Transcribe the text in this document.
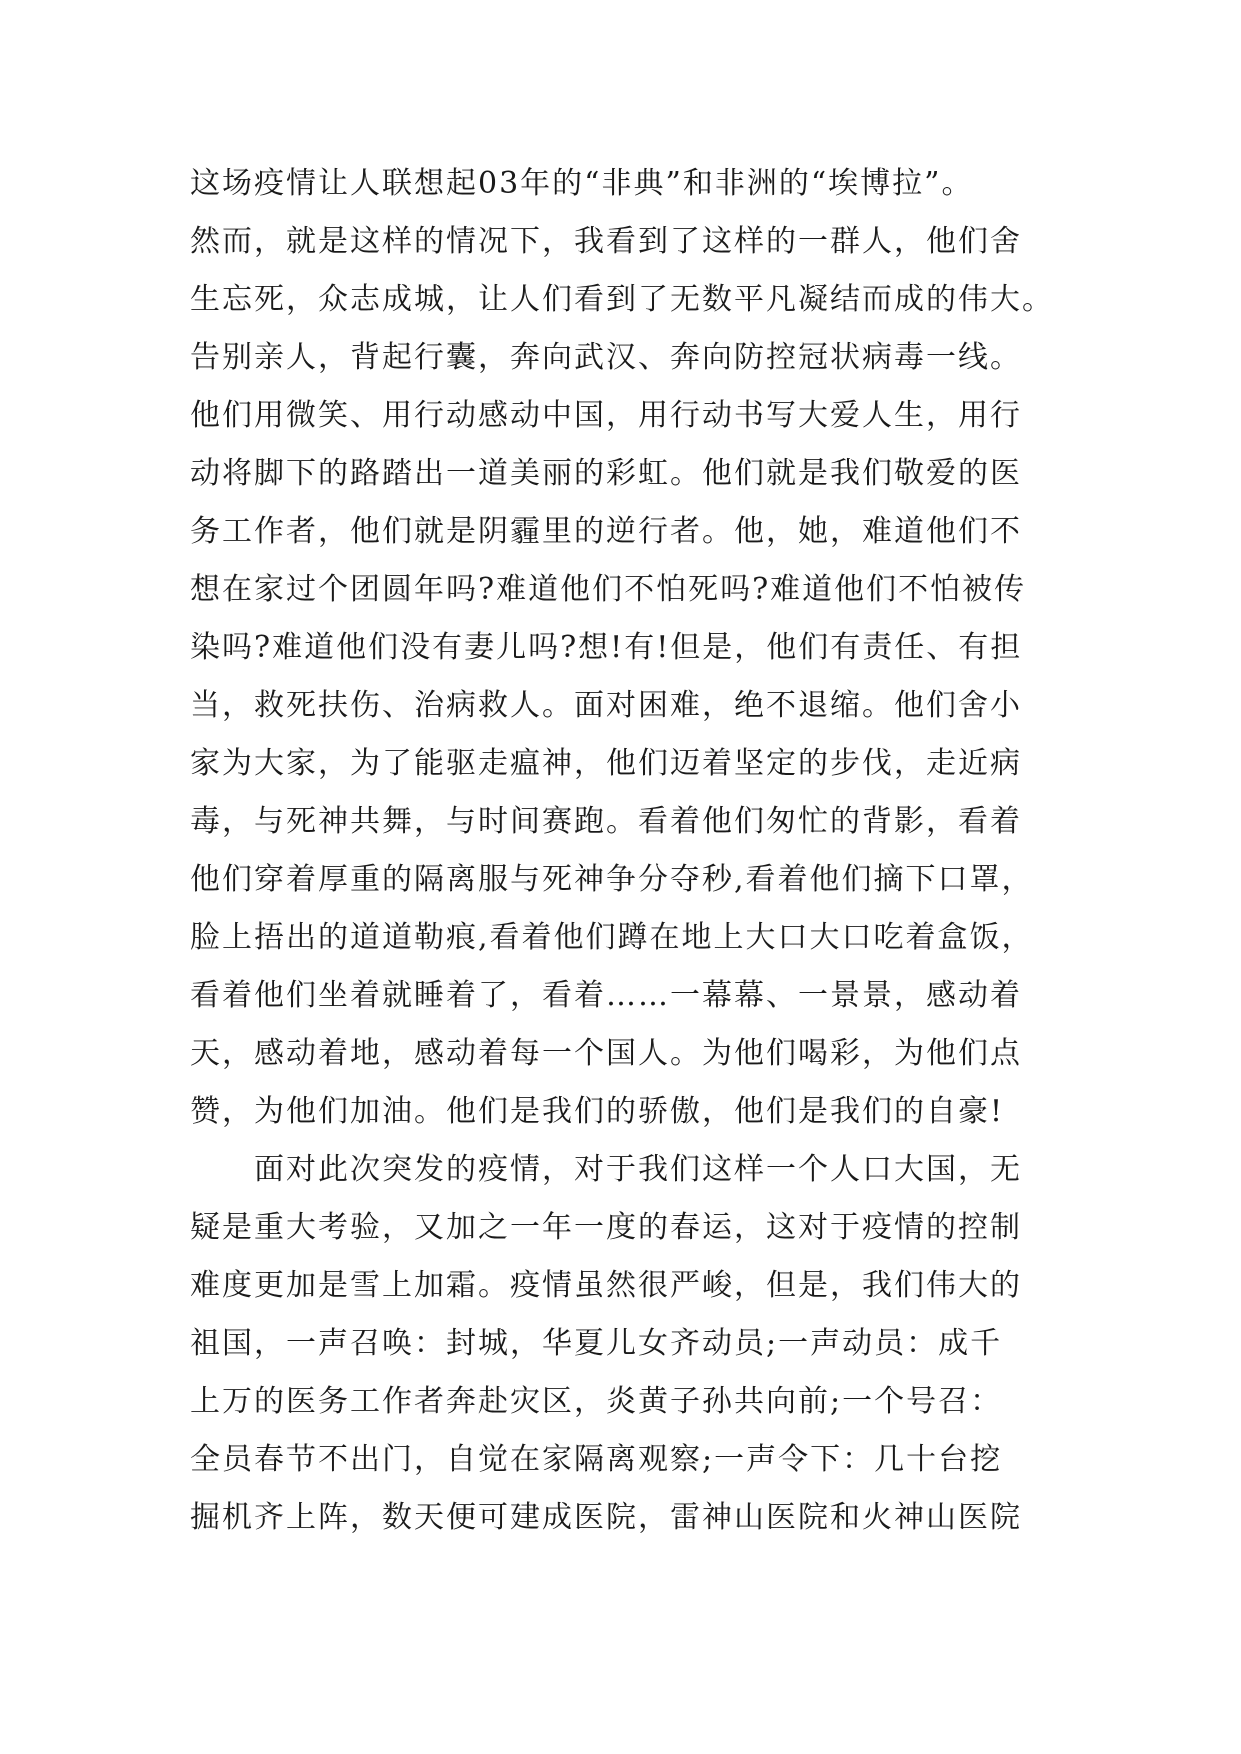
这场疫情让人联想起03年的“非典”和非洲的“埃博拉”。
然而，就是这样的情况下，我看到了这样的一群人，他们舍
生忘死，众志成城，让人们看到了无数平凡凝结而成的伟大。
告别亲人，背起行囊，奔向武汉、奔向防控冠状病毒一线。
他们用微笑、用行动感动中国，用行动书写大爱人生，用行
动将脚下的路踏出一道美丽的彩虹。他们就是我们敬爱的医
务工作者，他们就是阴霾里的逆行者。他，她，难道他们不
想在家过个团圆年吗?难道他们不怕死吗?难道他们不怕被传
染吗?难道他们没有妻儿吗?想!有!但是，他们有责任、有担
当，救死扶伤、治病救人。面对困难，绝不退缩。他们舍小
家为大家，为了能驱走瘟神，他们迈着坚定的步伐，走近病
毒，与死神共舞，与时间赛跑。看着他们匆忙的背影，看着
他们穿着厚重的隔离服与死神争分夺秒,看着他们摘下口罩，
脸上捂出的道道勒痕,看着他们蹲在地上大口大口吃着盒饭，
看着他们坐着就睡着了，看着……一幕幕、一景景，感动着
天，感动着地，感动着每一个国人。为他们喝彩，为他们点
赞，为他们加油。他们是我们的骄傲，他们是我们的自豪!
面对此次突发的疫情，对于我们这样一个人口大国，无
疑是重大考验，又加之一年一度的春运，这对于疫情的控制
难度更加是雪上加霜。疫情虽然很严峻，但是，我们伟大的
祖国，一声召唤：封城，华夏儿女齐动员;一声动员：成千
上万的医务工作者奔赴灾区，炎黄子孙共向前;一个号召：
全员春节不出门，自觉在家隔离观察;一声令下：几十台挖
掘机齐上阵，数天便可建成医院，雷神山医院和火神山医院
